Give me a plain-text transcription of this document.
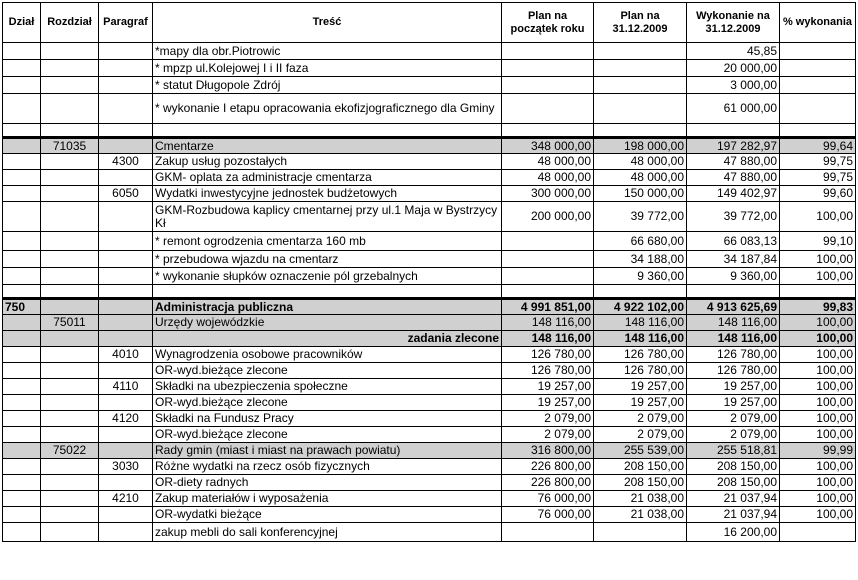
Dział	Rozdział	Paragraf	Treść	Plan na początek roku	Plan na 31.12.2009	Wykonanie na 31.12.2009	% wykonania
			*mapy dla obr.Piotrowic			45,85	
			* mpzp ul.Kolejowej I i II faza			20 000,00	
			* statut Długopole Zdrój			3 000,00	
			* wykonanie I etapu opracowania ekofizjograficznego dla Gminy			61 000,00	

	71035		Cmentarze	348 000,00	198 000,00	197 282,97	99,64
		4300	Zakup usług pozostałych	48 000,00	48 000,00	47 880,00	99,75
			GKM- oplata za administracje cmentarza	48 000,00	48 000,00	47 880,00	99,75
		6050	Wydatki inwestycyjne jednostek budżetowych	300 000,00	150 000,00	149 402,97	99,60
			GKM-Rozbudowa kaplicy cmentarnej przy ul.1 Maja w Bystrzycy Kł	200 000,00	39 772,00	39 772,00	100,00
			* remont ogrodzenia cmentarza 160 mb		66 680,00	66 083,13	99,10
			* przebudowa wjazdu na cmentarz		34 188,00	34 187,84	100,00
			* wykonanie słupków oznaczenie pól grzebalnych		9 360,00	9 360,00	100,00

750			Administracja publiczna	4 991 851,00	4 922 102,00	4 913 625,69	99,83
	75011		Urzędy wojewódzkie	148 116,00	148 116,00	148 116,00	100,00
			zadania zlecone	148 116,00	148 116,00	148 116,00	100,00
		4010	Wynagrodzenia osobowe pracowników	126 780,00	126 780,00	126 780,00	100,00
			OR-wyd.bieżące zlecone	126 780,00	126 780,00	126 780,00	100,00
		4110	Składki na ubezpieczenia społeczne	19 257,00	19 257,00	19 257,00	100,00
			OR-wyd.bieżące zlecone	19 257,00	19 257,00	19 257,00	100,00
		4120	Składki na Fundusz Pracy	2 079,00	2 079,00	2 079,00	100,00
			OR-wyd.bieżące zlecone	2 079,00	2 079,00	2 079,00	100,00
	75022		Rady gmin (miast i miast na prawach powiatu)	316 800,00	255 539,00	255 518,81	99,99
		3030	Różne wydatki na rzecz osób fizycznych	226 800,00	208 150,00	208 150,00	100,00
			OR-diety radnych	226 800,00	208 150,00	208 150,00	100,00
		4210	Zakup materiałów i wyposażenia	76 000,00	21 038,00	21 037,94	100,00
			OR-wydatki bieżące	76 000,00	21 038,00	21 037,94	100,00
			zakup mebli do sali konferencyjnej			16 200,00	
